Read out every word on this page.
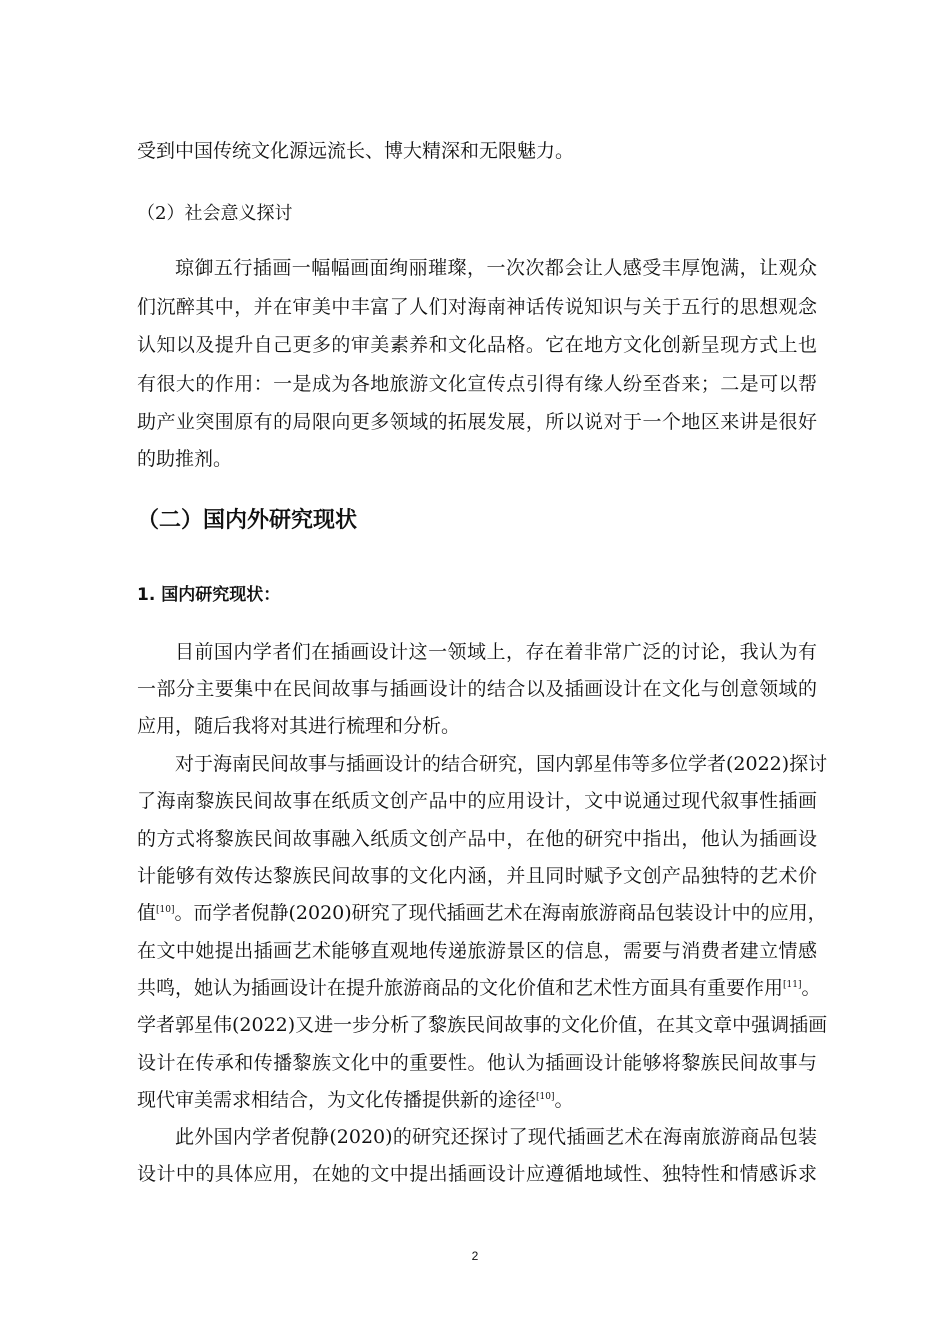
受到中国传统文化源远流长、博大精深和无限魅力。
（2）社会意义探讨
琼御五行插画一幅幅画面绚丽璀璨，一次次都会让人感受丰厚饱满，让观众
们沉醉其中，并在审美中丰富了人们对海南神话传说知识与关于五行的思想观念
认知以及提升自己更多的审美素养和文化品格。它在地方文化创新呈现方式上也
有很大的作用：一是成为各地旅游文化宣传点引得有缘人纷至沓来；二是可以帮
助产业突围原有的局限向更多领域的拓展发展，所以说对于一个地区来讲是很好
的助推剂。
（二）国内外研究现状
1. 国内研究现状：
目前国内学者们在插画设计这一领域上，存在着非常广泛的讨论，我认为有
一部分主要集中在民间故事与插画设计的结合以及插画设计在文化与创意领域的
应用，随后我将对其进行梳理和分析。
对于海南民间故事与插画设计的结合研究，国内郭星伟等多位学者(2022)探讨
了海南黎族民间故事在纸质文创产品中的应用设计，文中说通过现代叙事性插画
的方式将黎族民间故事融入纸质文创产品中，在他的研究中指出，他认为插画设
计能够有效传达黎族民间故事的文化内涵，并且同时赋予文创产品独特的艺术价
值[10]。而学者倪静(2020)研究了现代插画艺术在海南旅游商品包装设计中的应用，
在文中她提出插画艺术能够直观地传递旅游景区的信息，需要与消费者建立情感
共鸣，她认为插画设计在提升旅游商品的文化价值和艺术性方面具有重要作用[11]。
学者郭星伟(2022)又进一步分析了黎族民间故事的文化价值，在其文章中强调插画
设计在传承和传播黎族文化中的重要性。他认为插画设计能够将黎族民间故事与
现代审美需求相结合，为文化传播提供新的途径[10]。
此外国内学者倪静(2020)的研究还探讨了现代插画艺术在海南旅游商品包装
设计中的具体应用，在她的文中提出插画设计应遵循地域性、独特性和情感诉求
2
